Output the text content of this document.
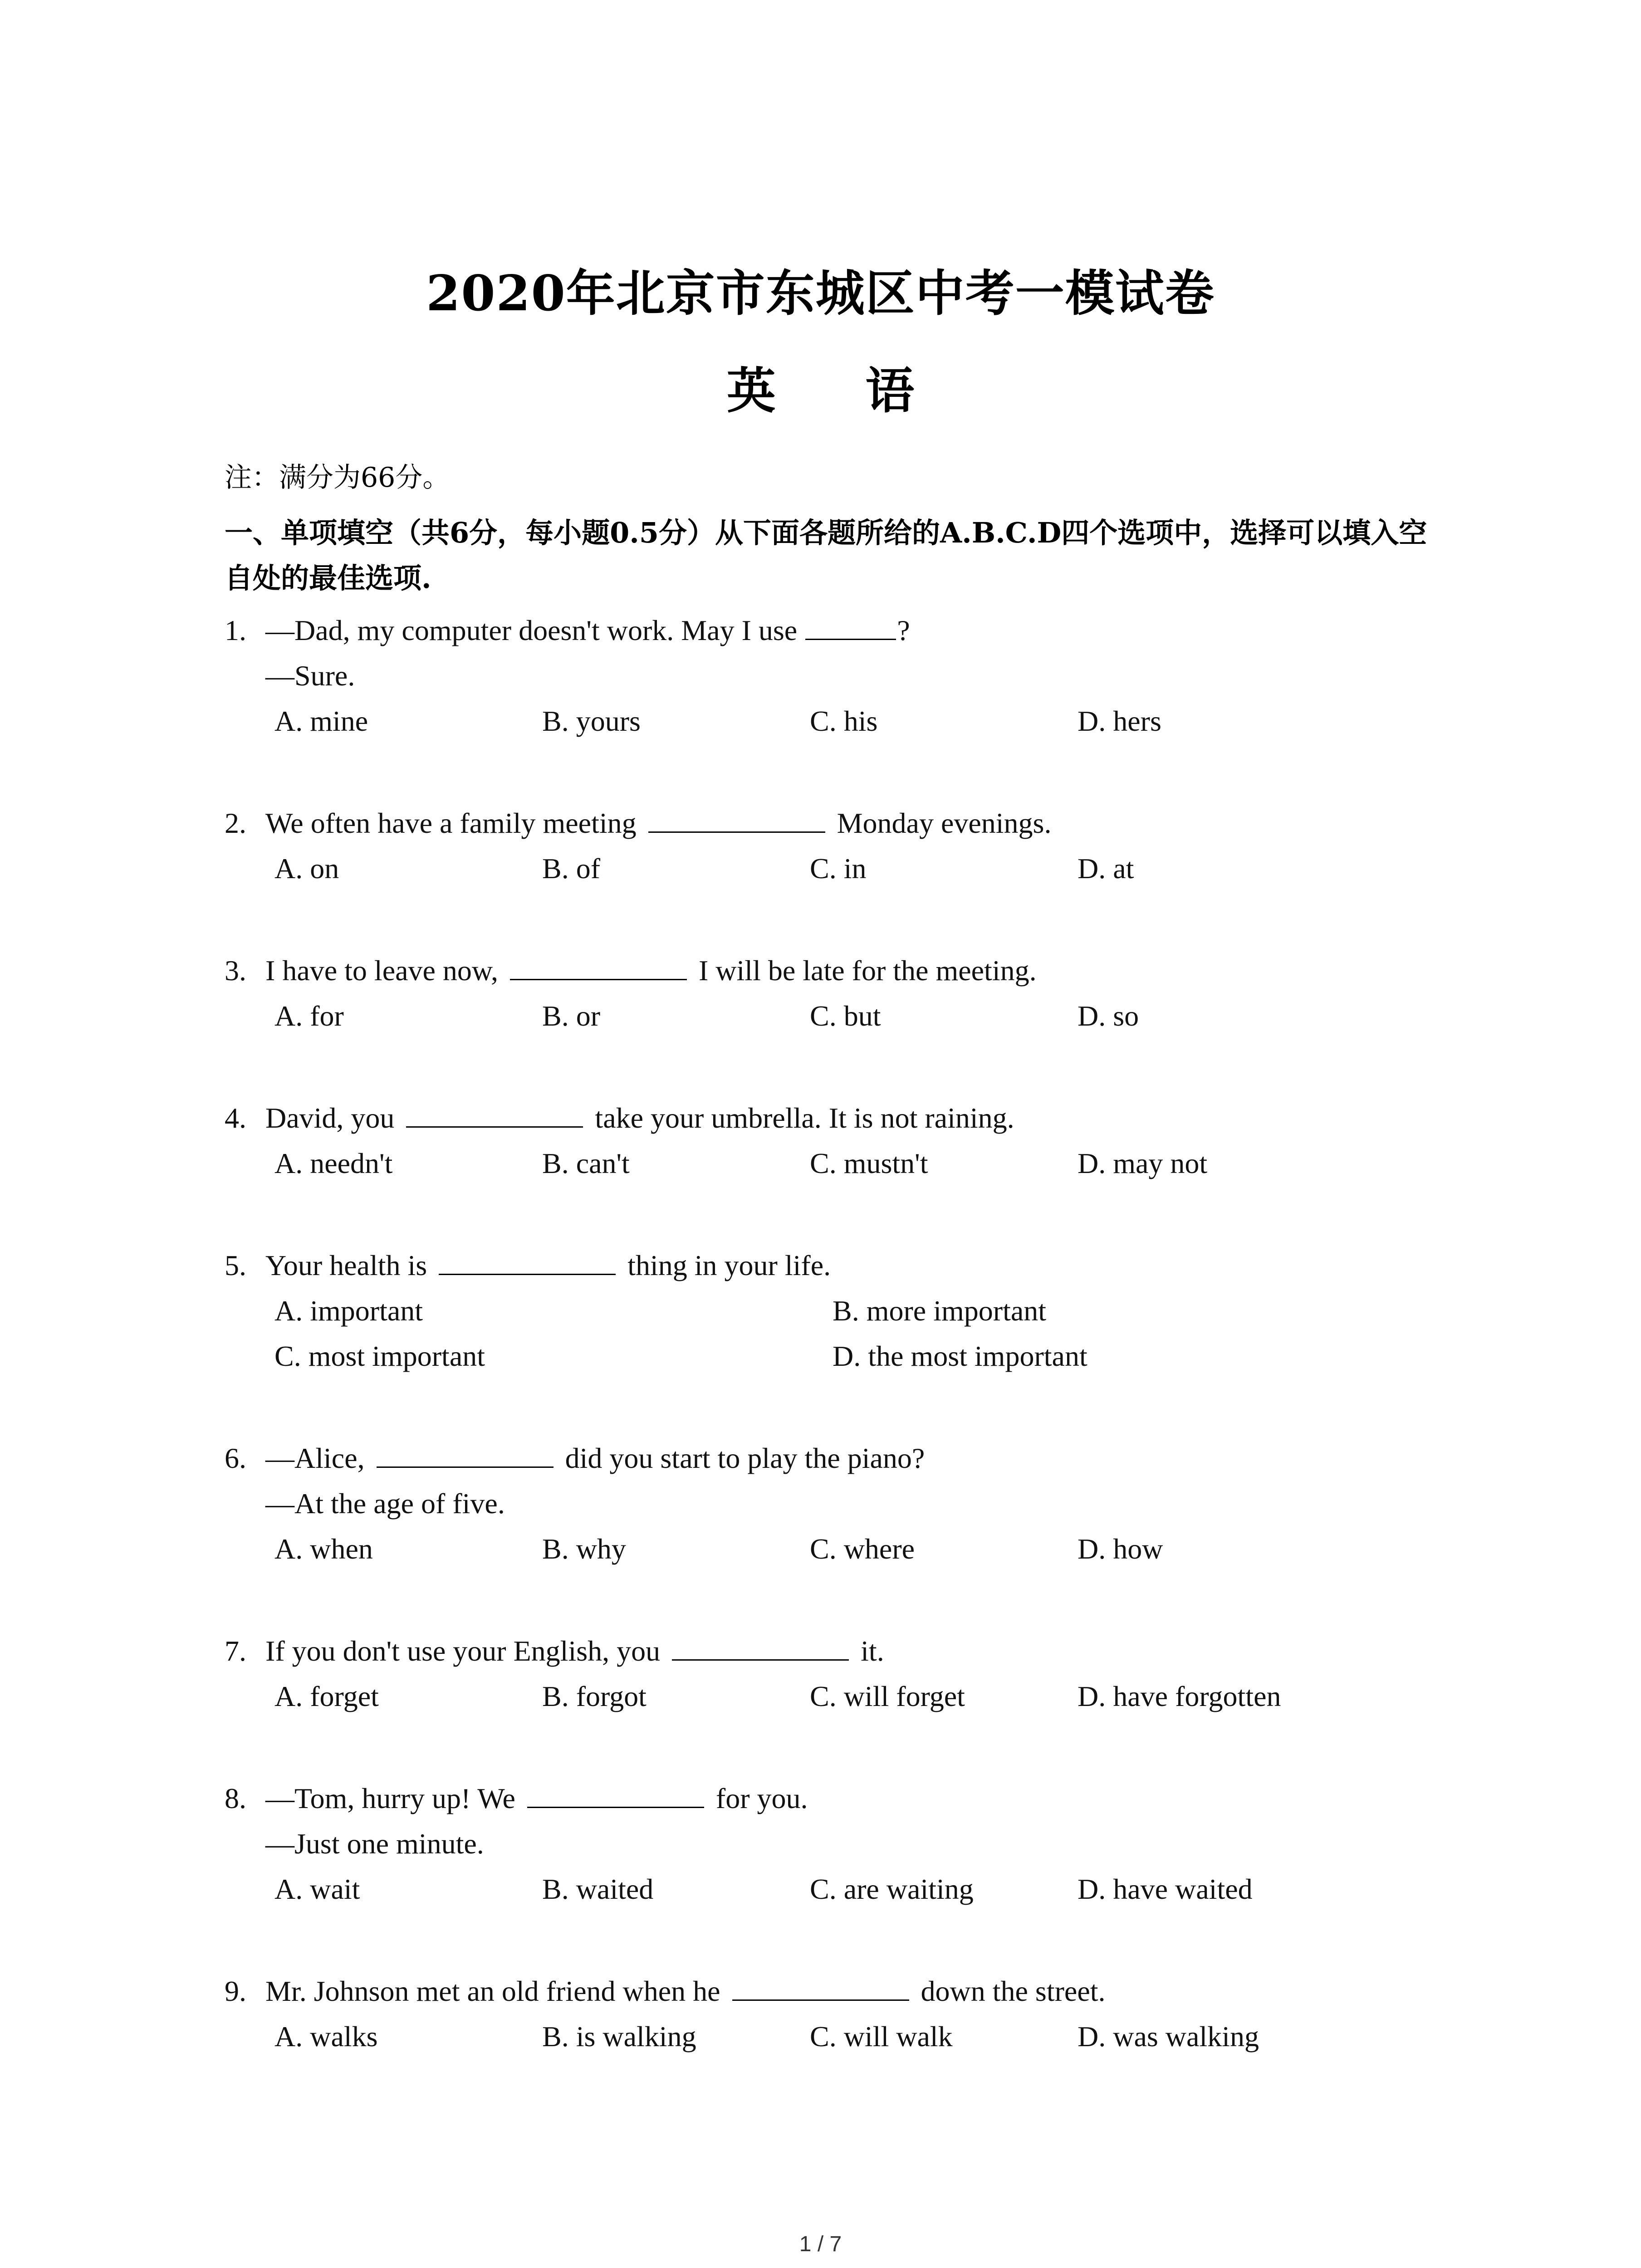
2020年北京市东城区中考一模试卷
英 语
注：满分为66分。
一、单项填空（共6分，每小题0.5分）从下面各题所给的A.B.C.D四个选项中，选择可以填入空自处的最佳选项.
1. —Dad, my computer doesn't work. May I use	?
—Sure.
A. mine	B. yours	C. his	D. hers
2. We often have a family meeting	Monday evenings.
A. on	B. of	C. in	D. at
3. I have to leave now,	I will be late for the meeting.
A. for	B. or	C. but	D. so
4. David, you	take your umbrella. It is not raining.
A. needn't	B. can't	C. mustn't	D. may not
5. Your health is	thing in your life.
A. important	B. more important
C. most important	D. the most important
6. —Alice,	did you start to play the piano?
—At the age of five.
A. when	B. why	C. where	D. how
7. If you don't use your English, you	it.
A. forget	B. forgot	C. will forget	D. have forgotten
8. —Tom, hurry up! We	for you.
—Just one minute.
A. wait	B. waited	C. are waiting	D. have waited
9. Mr. Johnson met an old friend when he	down the street.
A. walks	B. is walking	C. will walk	D. was walking
1 / 7
